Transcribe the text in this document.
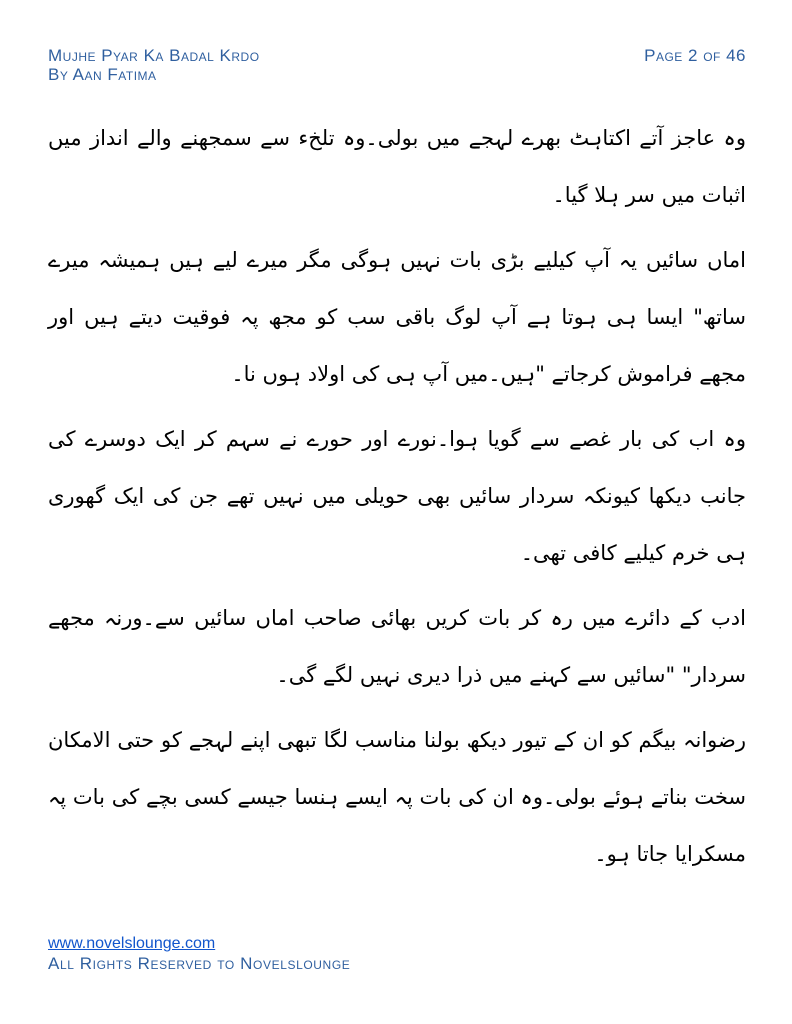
Mujhe Pyar Ka Badal Krdo	Page 2 of 46
By Aan Fatima

وہ عاجز آتے اکتاہٹ بھرے لہجے میں بولی۔وہ تلخء سے سمجھنے والے انداز میں اثبات میں سر ہلا گیا۔

اماں سائیں یہ آپ کیلیے بڑی بات نہیں ہوگی مگر میرے لیے ہیں ہمیشہ میرے ساتھ" ایسا ہی ہوتا ہے آپ لوگ باقی سب کو مجھ پہ فوقیت دیتے ہیں اور مجھے فراموش کرجاتے "ہیں۔میں آپ ہی کی اولاد ہوں نا۔

وہ اب کی بار غصے سے گویا ہوا۔نورے اور حورے نے سہم کر ایک دوسرے کی جانب دیکھا کیونکہ سردار سائیں بھی حویلی میں نہیں تھے جن کی ایک گھوری ہی خرم کیلیے کافی تھی۔

ادب کے دائرے میں رہ کر بات کریں بھائی صاحب اماں سائیں سے۔ورنہ مجھے سردار" "سائیں سے کہنے میں ذرا دیری نہیں لگے گی۔

رضوانہ بیگم کو ان کے تیور دیکھ بولنا مناسب لگا تبھی اپنے لہجے کو حتی الامکان سخت بناتے ہوئے بولی۔وہ ان کی بات پہ ایسے ہنسا جیسے کسی بچے کی بات پہ مسکرایا جاتا ہو۔

www.novelslounge.com
All Rights Reserved to Novelslounge
